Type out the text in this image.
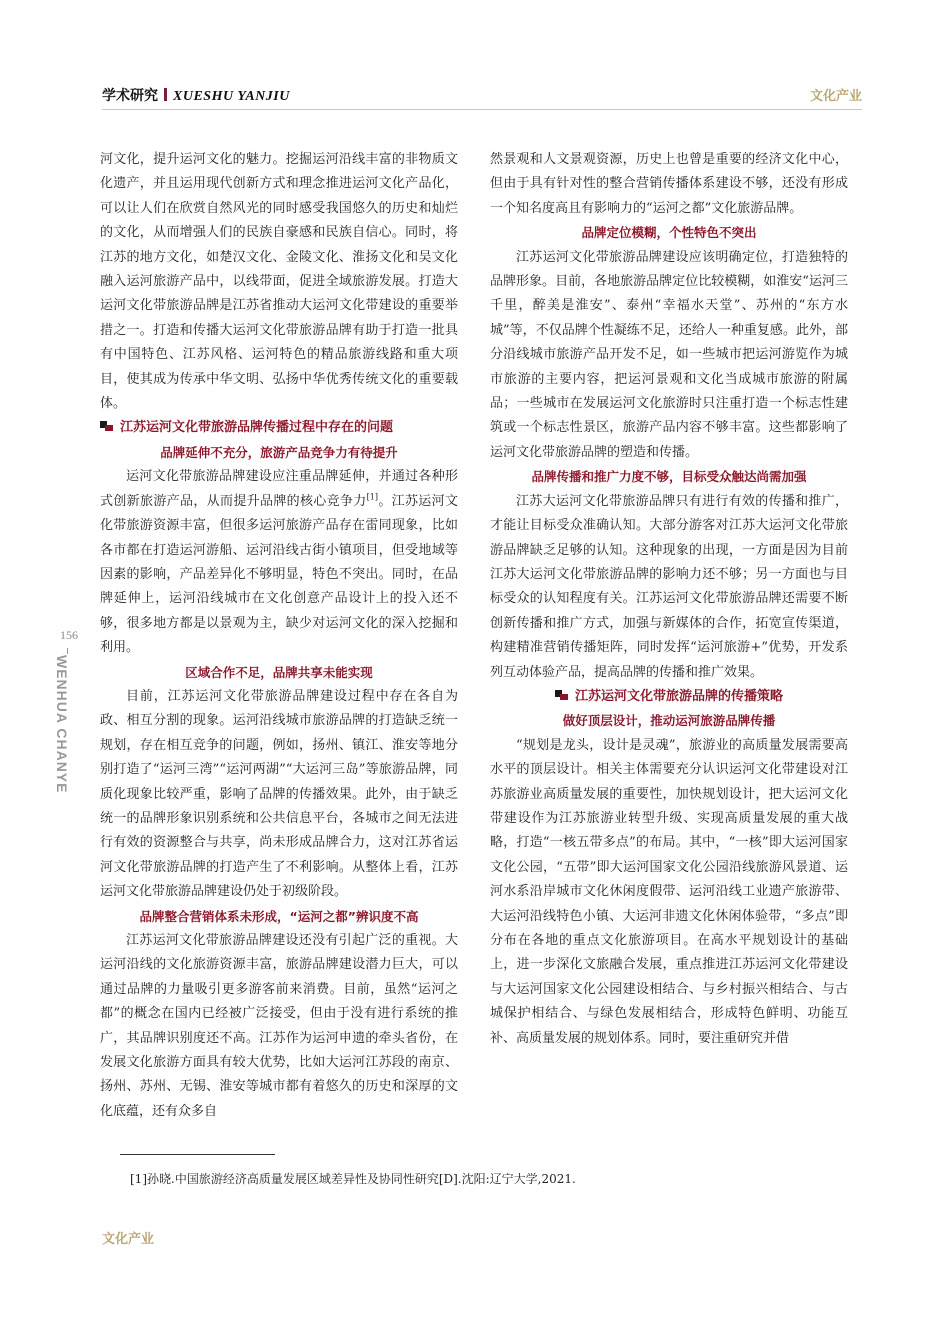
学术研究 XUESHU YANJIU	文化产业
156
WENHUA CHANYE

河文化，提升运河文化的魅力。挖掘运河沿线丰富的非物质文化遗产，并且运用现代创新方式和理念推进运河文化产品化，可以让人们在欣赏自然风光的同时感受我国悠久的历史和灿烂的文化，从而增强人们的民族自豪感和民族自信心。同时，将江苏的地方文化，如楚汉文化、金陵文化、淮扬文化和吴文化融入运河旅游产品中，以线带面，促进全域旅游发展。打造大运河文化带旅游品牌是江苏省推动大运河文化带建设的重要举措之一。打造和传播大运河文化带旅游品牌有助于打造一批具有中国特色、江苏风格、运河特色的精品旅游线路和重大项目，使其成为传承中华文明、弘扬中华优秀传统文化的重要载体。

江苏运河文化带旅游品牌传播过程中存在的问题
品牌延伸不充分，旅游产品竞争力有待提升

运河文化带旅游品牌建设应注重品牌延伸，并通过各种形式创新旅游产品，从而提升品牌的核心竞争力[1]。江苏运河文化带旅游资源丰富，但很多运河旅游产品存在雷同现象，比如各市都在打造运河游船、运河沿线古街小镇项目，但受地域等因素的影响，产品差异化不够明显，特色不突出。同时，在品牌延伸上，运河沿线城市在文化创意产品设计上的投入还不够，很多地方都是以景观为主，缺少对运河文化的深入挖掘和利用。

区域合作不足，品牌共享未能实现

目前，江苏运河文化带旅游品牌建设过程中存在各自为政、相互分割的现象。运河沿线城市旅游品牌的打造缺乏统一规划，存在相互竞争的问题，例如，扬州、镇江、淮安等地分别打造了“运河三湾”“运河两湖”“大运河三岛”等旅游品牌，同质化现象比较严重，影响了品牌的传播效果。此外，由于缺乏统一的品牌形象识别系统和公共信息平台，各城市之间无法进行有效的资源整合与共享，尚未形成品牌合力，这对江苏省运河文化带旅游品牌的打造产生了不利影响。从整体上看，江苏运河文化带旅游品牌建设仍处于初级阶段。

品牌整合营销体系未形成，“运河之都”辨识度不高

江苏运河文化带旅游品牌建设还没有引起广泛的重视。大运河沿线的文化旅游资源丰富，旅游品牌建设潜力巨大，可以通过品牌的力量吸引更多游客前来消费。目前，虽然“运河之都”的概念在国内已经被广泛接受，但由于没有进行系统的推广，其品牌识别度还不高。江苏作为运河申遗的牵头省份，在发展文化旅游方面具有较大优势，比如大运河江苏段的南京、扬州、苏州、无锡、淮安等城市都有着悠久的历史和深厚的文化底蕴，还有众多自

然景观和人文景观资源，历史上也曾是重要的经济文化中心，但由于具有针对性的整合营销传播体系建设不够，还没有形成一个知名度高且有影响力的“运河之都”文化旅游品牌。

品牌定位模糊，个性特色不突出

江苏运河文化带旅游品牌建设应该明确定位，打造独特的品牌形象。目前，各地旅游品牌定位比较模糊，如淮安“运河三千里，醉美是淮安”、泰州“幸福水天堂”、苏州的“东方水城”等，不仅品牌个性凝练不足，还给人一种重复感。此外，部分沿线城市旅游产品开发不足，如一些城市把运河游览作为城市旅游的主要内容，把运河景观和文化当成城市旅游的附属品；一些城市在发展运河文化旅游时只注重打造一个标志性建筑或一个标志性景区，旅游产品内容不够丰富。这些都影响了运河文化带旅游品牌的塑造和传播。

品牌传播和推广力度不够，目标受众触达尚需加强

江苏大运河文化带旅游品牌只有进行有效的传播和推广，才能让目标受众准确认知。大部分游客对江苏大运河文化带旅游品牌缺乏足够的认知。这种现象的出现，一方面是因为目前江苏大运河文化带旅游品牌的影响力还不够；另一方面也与目标受众的认知程度有关。江苏运河文化带旅游品牌还需要不断创新传播和推广方式，加强与新媒体的合作，拓宽宣传渠道，构建精准营销传播矩阵，同时发挥“运河旅游+”优势，开发系列互动体验产品，提高品牌的传播和推广效果。

江苏运河文化带旅游品牌的传播策略
做好顶层设计，推动运河旅游品牌传播

“规划是龙头，设计是灵魂”，旅游业的高质量发展需要高水平的顶层设计。相关主体需要充分认识运河文化带建设对江苏旅游业高质量发展的重要性，加快规划设计，把大运河文化带建设作为江苏旅游业转型升级、实现高质量发展的重大战略，打造“一核五带多点”的布局。其中，“一核”即大运河国家文化公园，“五带”即大运河国家文化公园沿线旅游风景道、运河水系沿岸城市文化休闲度假带、运河沿线工业遗产旅游带、大运河沿线特色小镇、大运河非遗文化休闲体验带，“多点”即分布在各地的重点文化旅游项目。在高水平规划设计的基础上，进一步深化文旅融合发展，重点推进江苏运河文化带建设与大运河国家文化公园建设相结合、与乡村振兴相结合、与古城保护相结合、与绿色发展相结合，形成特色鲜明、功能互补、高质量发展的规划体系。同时，要注重研究并借

[1]孙晓.中国旅游经济高质量发展区域差异性及协同性研究[D].沈阳:辽宁大学,2021.
文化产业
